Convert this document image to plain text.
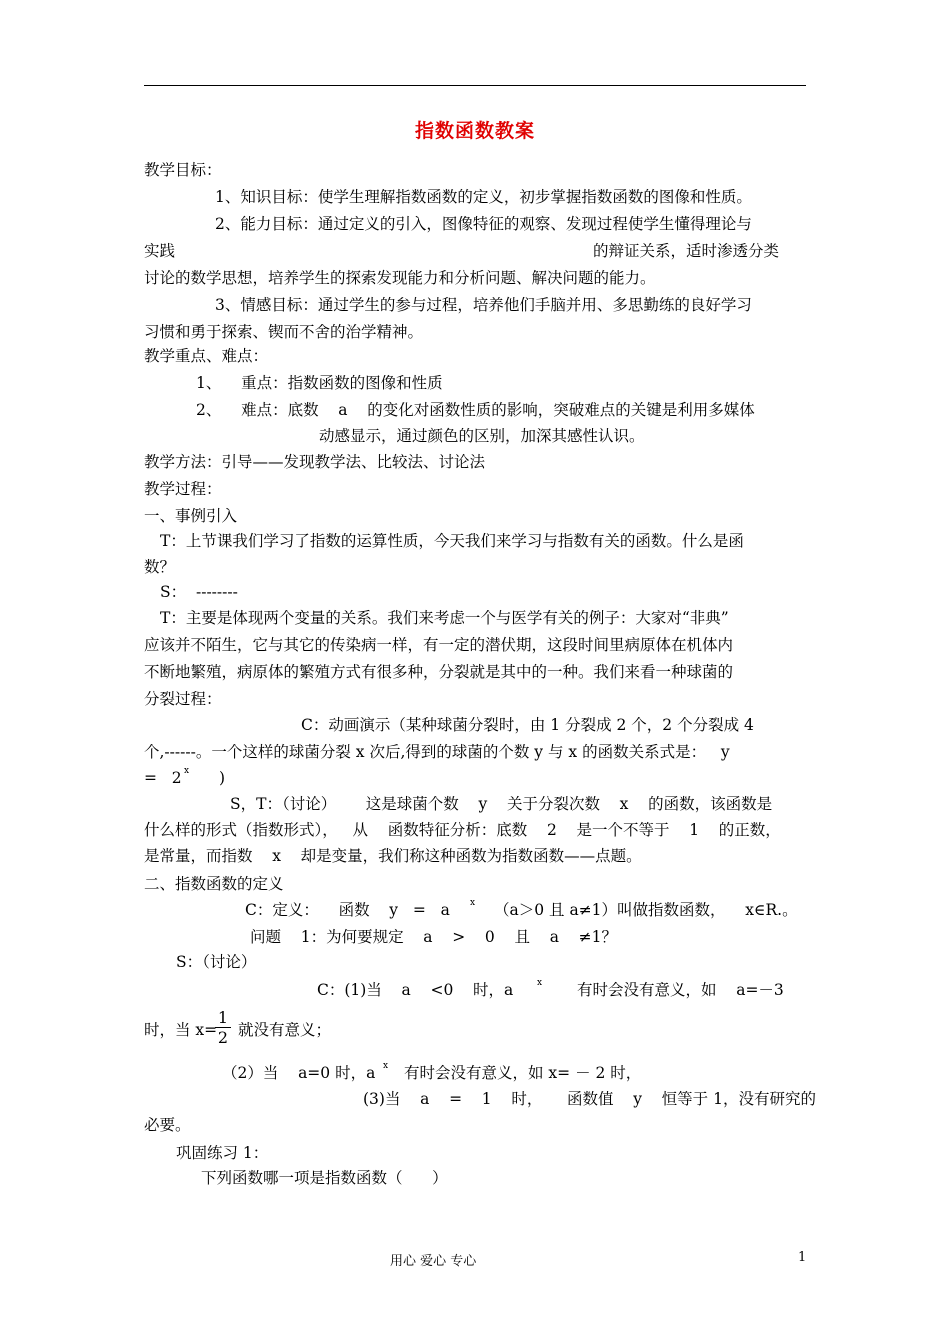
指数函数教案
教学目标：
1、知识目标：使学生理解指数函数的定义，初步掌握指数函数的图像和性质。
2、能力目标：通过定义的引入，图像特征的观察、发现过程使学生懂得理论与
实践	的辩证关系，适时渗透分类
讨论的数学思想，培养学生的探索发现能力和分析问题、解决问题的能力。
3、情感目标：通过学生的参与过程，培养他们手脑并用、多思勤练的良好学习
习惯和勇于探索、锲而不舍的治学精神。
教学重点、难点：
1、    重点：指数函数的图像和性质
2、    难点：底数    a    的变化对函数性质的影响，突破难点的关键是利用多媒体
动感显示，通过颜色的区别，加深其感性认识。
教学方法：引导——发现教学法、比较法、讨论法
教学过程：
一、事例引入
T：上节课我们学习了指数的运算性质，今天我们来学习与指数有关的函数。什么是函
数？
S：  --------
T：主要是体现两个变量的关系。我们来考虑一个与医学有关的例子：大家对“非典”
应该并不陌生，它与其它的传染病一样，有一定的潜伏期，这段时间里病原体在机体内
不断地繁殖，病原体的繁殖方式有很多种，分裂就是其中的一种。我们来看一种球菌的
分裂过程：
C：动画演示（某种球菌分裂时，由 1 分裂成 2 个，2 个分裂成 4
个,------。一个这样的球菌分裂 x 次后,得到的球菌的个数 y 与 x 的函数关系式是：   y
=   2 x )
S，T：（讨论）      这是球菌个数    y    关于分裂次数    x    的函数，该函数是
什么样的形式（指数形式），   从    函数特征分析：底数    2    是一个不等于    1    的正数，
是常量，而指数    x    却是变量，我们称这种函数为指数函数——点题。
二、指数函数的定义
C：定义：    函数    y   =   a x （a＞0 且 a≠1）叫做指数函数，    x∈R.。
问题    1：为何要规定    a    >    0    且    a    ≠1？
S：（讨论）
C：(1)当    a    <0    时，a	x 有时会没有意义，如    a=－3
时，当 x=
1
2 就没有意义；
（2）当    a=0 时，a x 有时会没有意义，如 x= － 2 时，
(3)当    a    =    1    时，     函数值    y    恒等于 1，没有研究的
必要。
巩固练习 1：
下列函数哪一项是指数函数（      ）
用心 爱心 专心	1
